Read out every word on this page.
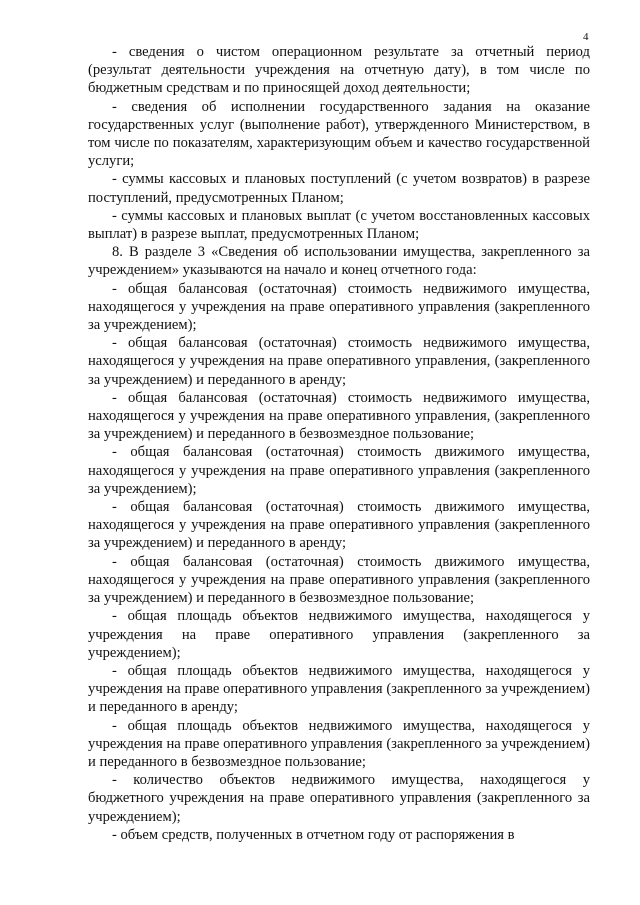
4

- сведения о чистом операционном результате за отчетный период (результат деятельности учреждения на отчетную дату), в том числе по бюджетным средствам и по приносящей доход деятельности;

- сведения об исполнении государственного задания на оказание государственных услуг (выполнение работ), утвержденного Министерством, в том числе по показателям, характеризующим объем и качество государственной услуги;

- суммы кассовых и плановых поступлений (с учетом возвратов) в разрезе поступлений, предусмотренных Планом;

- суммы кассовых и плановых выплат (с учетом восстановленных кассовых выплат) в разрезе выплат, предусмотренных Планом;

8. В разделе 3 «Сведения об использовании имущества, закрепленного за учреждением» указываются на начало и конец отчетного года:

- общая балансовая (остаточная) стоимость недвижимого имущества, находящегося у учреждения на праве оперативного управления (закрепленного за учреждением);

- общая балансовая (остаточная) стоимость недвижимого имущества, находящегося у учреждения на праве оперативного управления, (закрепленного за учреждением) и переданного в аренду;

- общая балансовая (остаточная) стоимость недвижимого имущества, находящегося у учреждения на праве оперативного управления, (закрепленного за учреждением) и переданного в безвозмездное пользование;

- общая балансовая (остаточная) стоимость движимого имущества, находящегося у учреждения на праве оперативного управления (закрепленного за учреждением);

- общая балансовая (остаточная) стоимость движимого имущества, находящегося у учреждения на праве оперативного управления (закрепленного за учреждением) и переданного в аренду;

- общая балансовая (остаточная) стоимость движимого имущества, находящегося у учреждения на праве оперативного управления (закрепленного за учреждением) и переданного в безвозмездное пользование;

- общая площадь объектов недвижимого имущества, находящегося у учреждения на праве оперативного управления (закрепленного за учреждением);

- общая площадь объектов недвижимого имущества, находящегося у учреждения на праве оперативного управления (закрепленного за учреждением) и переданного в аренду;

- общая площадь объектов недвижимого имущества, находящегося у учреждения на праве оперативного управления (закрепленного за учреждением) и переданного в безвозмездное пользование;

- количество объектов недвижимого имущества, находящегося у бюджетного учреждения на праве оперативного управления (закрепленного за учреждением);

- объем средств, полученных в отчетном году от распоряжения в
